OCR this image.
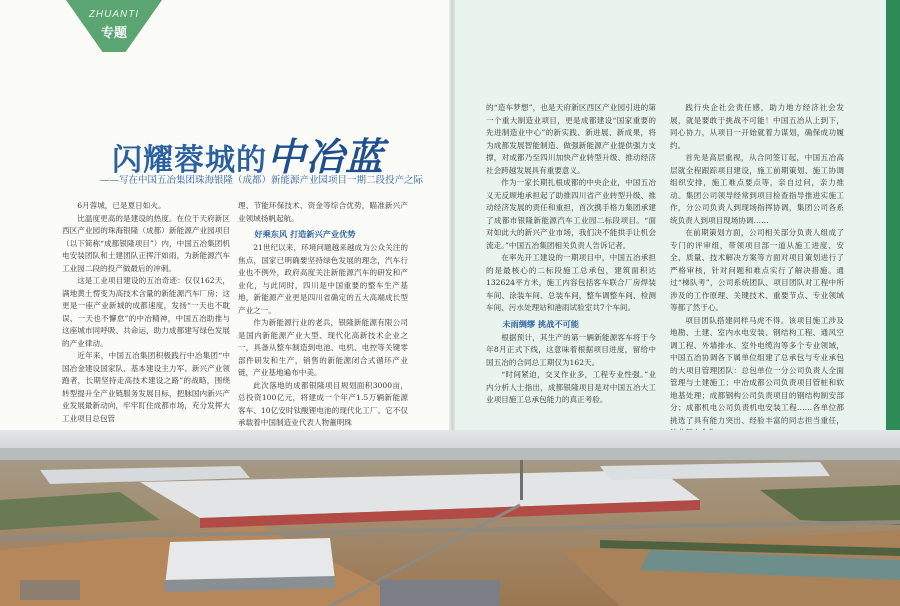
ZHUANTI
专题
闪耀蓉城的中冶蓝
——写在中国五冶集团珠海银隆（成都）新能源产业园项目一期二段投产之际

6月蓉城，已是夏日如火。

比温度更高的是建设的热度。在位于天府新区西区产业园的珠海银隆（成都）新能源产业园项目（以下简称“成都银隆项目”）内，中国五冶集团机电安装团队和土建团队正挥汗如雨，为新能源汽车工业园二段的投产做最后的冲刺。

这是工业项目建设的五冶奇迹：仅仅162天，满地黄土愣变为高技术含量的新能源汽车厂房；这更是一座产业新城的成都速度，发扬“一天也不耽误、一天也不懈怠”的中冶精神，中国五冶助推与这座城市同呼吸、共命运，助力成都建写绿色发展的产业律动。

近年来，中国五冶集团积极践行中冶集团“中国冶金建设国家队、基本建设主力军、新兴产业领跑者，长期坚持走高技术建设之路”的战略，围绕转型提升全产业链服务发展目标，把脉国内新兴产业发展最新动向，牢牢盯住成都市场，充分发挥大工业项目总包管

理、节能环保技术、资金等综合优势，瞄准新兴产业领域扬帆起航。

好乘东风 打造新兴产业优势

21世纪以来，环境问题越来越成为公众关注的焦点，国家已明确要坚持绿色发展的理念，汽车行业也不例外，政府高度关注新能源汽车的研发和产业化，与此同时，四川是中国重要的整车生产基地，新能源产业更是四川省确定的五大高端成长型产业之一。

作为新能源行业的老兵，银隆新能源有限公司是国内新能源产业大型、现代化高新技术企业之一，具备从整车制造到电池、电机、电控等关键零部件研发和生产，销售的新能源闭合式循环产业链，产业基地遍布中美。

此次落地的成都银隆项目规划面积3000亩，总投资100亿元，将建成一个年产1.5万辆新能源客车、10亿安时钛酸锂电池的现代化工厂。它不仅承载着中国制造业代表人物董明珠

的“造车梦想”，也是天府新区西区产业园引进的第一个重大制造业项目，更是成都建设“国家重要的先进制造业中心”的新实践、新进展、新成果，将为成都发展智能制造、做强新能源产业提供强力支撑，对成都乃至四川加快产业转型升级、推动经济社会跨越发展具有重要意义。

作为一家长期扎根成都的中央企业，中国五冶义无反顾地承担起了助推四川省产业转型升级、推动经济发展的责任和重担，首次携手格力集团承建了成都市银隆新能源汽车工业园二标段项目。“面对如此大的新兴产业市场，我们决不能拱手让机会流走。”中国五冶集团相关负责人告诉记者。

在率先开工建设的一期项目中，中国五冶承担的是最核心的二标段施工总承包，建筑面积达132624平方米，施工内容包括客车联合厂房焊装车间、涂装车间、总装车间，整车调整车间、检测车间、污水处理站和港雨试验室共7个车间。

未雨绸缪 挑战不可能

根据预计，其生产的第一辆新能源客车将于今年8月正式下线，这意味着根据项目进度，留给中国五冶的合同总工期仅为162天。

“时间紧迫，交叉作业多，工程专业性强。”业内分析人士指出，成都银隆项目是对中国五冶大工业项目施工总承包能力的真正考验。

践行央企社会责任感，助力地方经济社会发展，就是要敢于挑战不可能！中国五冶从上到下，同心协力，从项目一开始就着力谋划，确保成功履约。

首先是高层重视，从合同签订起，中国五冶高层就全程跟踪项目建设，施工前期策划、施工协调组织安排，施工难点要点等，亲自过问，亲力推动。集团公司领导经常到项目检查指导推进实施工作，分公司负责人到现场指挥协调，集团公司各系统负责人到项目现场协调……

在前期策划方面，公司相关部分负责人组成了专门的评审组，带领项目部一道从施工进度、安全、质量、技术解决方案等方面对项目策划进行了严格审核，针对问题和难点实行了解决措施。通过“梯队考”，公司系统团队、项目团队对工程中所涉及的工作原理、关键技术、重要节点、专业领域等都了然于心。

项目团队搭建同样马虎不得。该项目施工涉及地勘、土建、室内水电安装、钢结构工程、通风空调工程、外墙排水、室外电缆沟等多个专业领域，中国五冶协调各下属单位组建了总承包与专业承包的大项目管理团队：总包单位一分公司负责人全面管理与土建施工；中冶成都公司负责项目管桩和软地基处理；成都钢构公司负责项目的钢结构制安部分；成都机电公司负责机电安装工程……各单位都挑选了具有能力突出、经验丰富的同志担当重任，
